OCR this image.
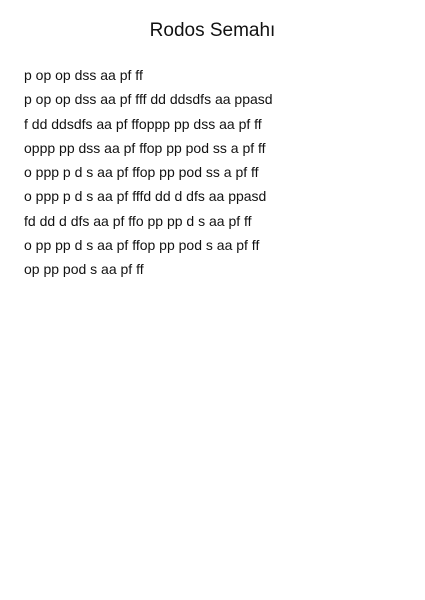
Rodos Semahı
p op op dss aa pf ff
p op op dss aa pf fff dd ddsdfs aa ppasd
f dd ddsdfs aa pf ffoppp pp dss aa pf ff
oppp pp dss aa pf ffop pp pod ss a pf ff
o ppp p d s aa pf ffop pp pod ss a pf ff
o ppp p d s aa pf fffd dd d dfs aa ppasd
fd dd d dfs aa pf ffo pp pp d s aa pf ff
o pp pp d s aa pf ffop pp pod s aa pf ff
op pp pod s aa pf ff
